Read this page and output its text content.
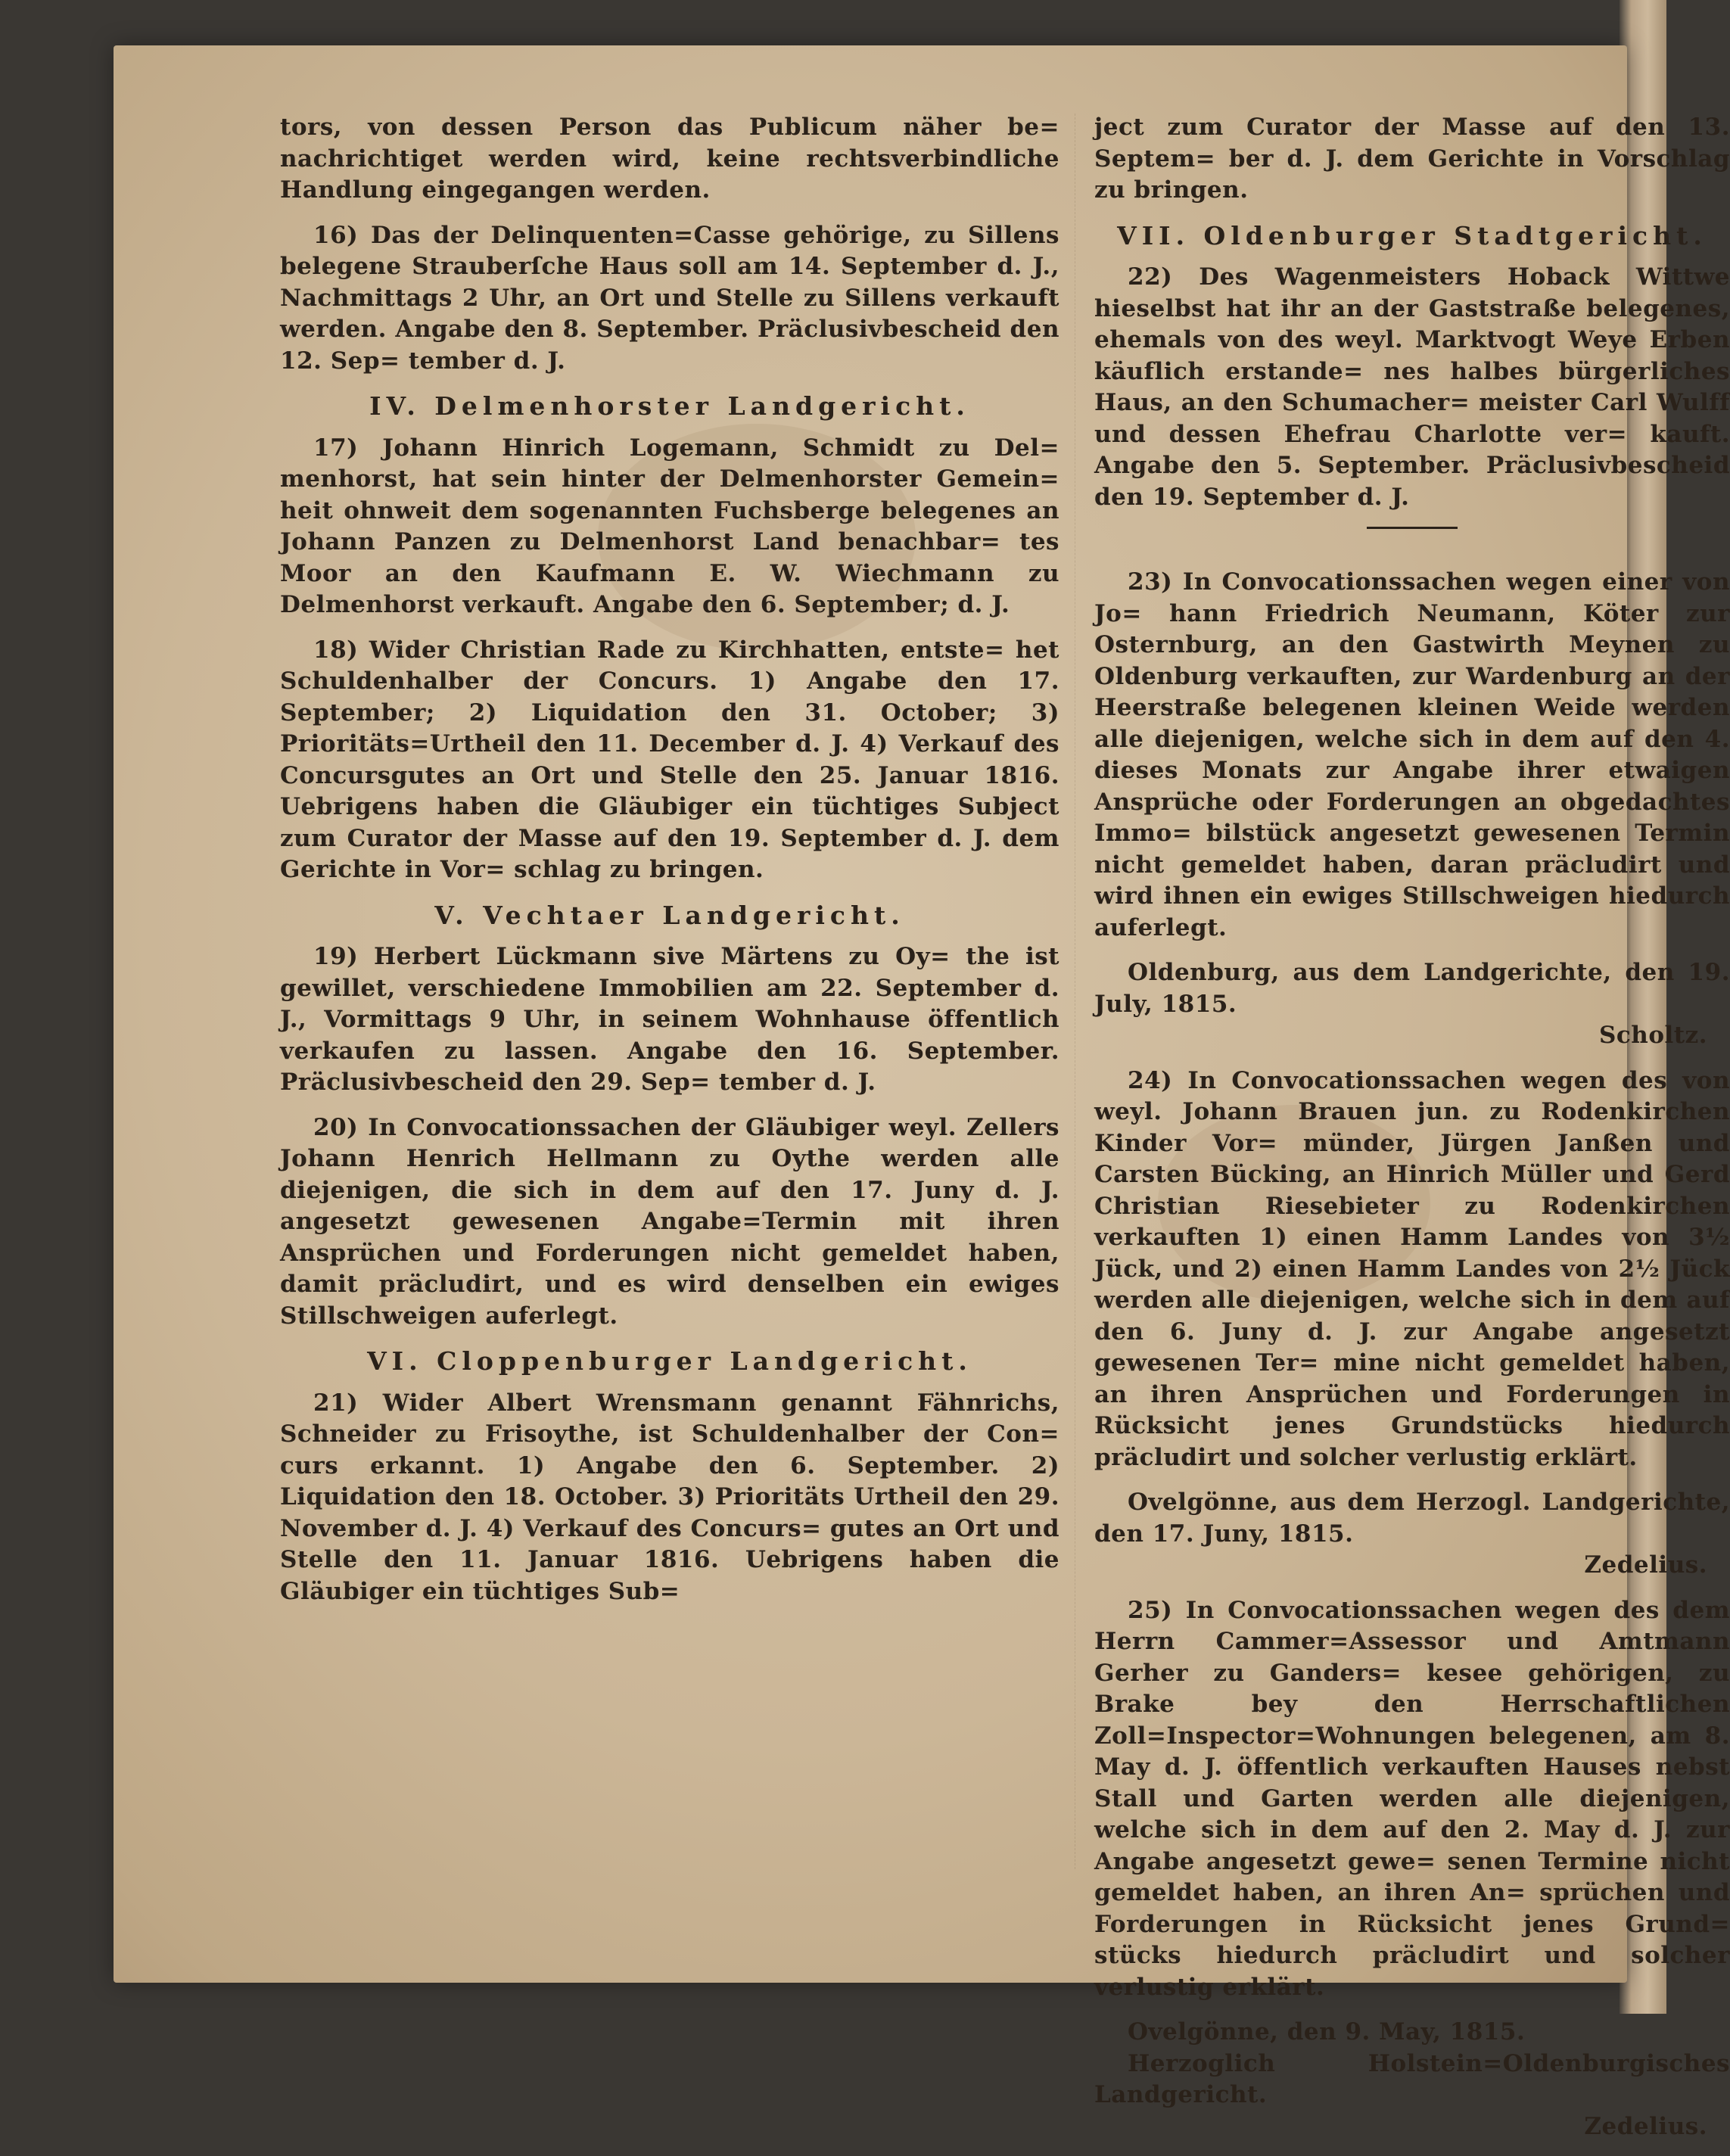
tors, von dessen Person das Publicum näher be= nachrichtiget werden wird, keine rechtsverbindliche Handlung eingegangen werden.

16) Das der Delinquenten=Casse gehörige, zu Sillens belegene Strauberſche Haus soll am 14. September d. J., Nachmittags 2 Uhr, an Ort und Stelle zu Sillens verkauft werden. Angabe den 8. September. Präclusivbescheid den 12. Sep= tember d. J.

IV. Delmenhorster Landgericht.

17) Johann Hinrich Logemann, Schmidt zu Del= menhorst, hat sein hinter der Delmenhorster Gemein= heit ohnweit dem sogenannten Fuchsberge belegenes an Johann Panzen zu Delmenhorst Land benachbar= tes Moor an den Kaufmann E. W. Wiechmann zu Delmenhorst verkauft. Angabe den 6. September; d. J.

18) Wider Christian Rade zu Kirchhatten, entste= het Schuldenhalber der Concurs. 1) Angabe den 17. September; 2) Liquidation den 31. October; 3) Prioritäts=Urtheil den 11. December d. J. 4) Verkauf des Concursgutes an Ort und Stelle den 25. Januar 1816. Uebrigens haben die Gläubiger ein tüchtiges Subject zum Curator der Masse auf den 19. September d. J. dem Gerichte in Vor= schlag zu bringen.

V. Vechtaer Landgericht.

19) Herbert Lückmann sive Märtens zu Oy= the ist gewillet, verschiedene Immobilien am 22. September d. J., Vormittags 9 Uhr, in seinem Wohnhause öffentlich verkaufen zu lassen. Angabe den 16. September. Präclusivbescheid den 29. Sep= tember d. J.

20) In Convocationssachen der Gläubiger weyl. Zellers Johann Henrich Hellmann zu Oythe werden alle diejenigen, die sich in dem auf den 17. Juny d. J. angesetzt gewesenen Angabe=Termin mit ihren Ansprüchen und Forderungen nicht gemeldet haben, damit präcludirt, und es wird denselben ein ewiges Stillschweigen auferlegt.

VI. Cloppenburger Landgericht.

21) Wider Albert Wrensmann genannt Fähnrichs, Schneider zu Frisoythe, ist Schuldenhalber der Con= curs erkannt. 1) Angabe den 6. September. 2) Liquidation den 18. October. 3) Prioritäts Urtheil den 29. November d. J. 4) Verkauf des Concurs= gutes an Ort und Stelle den 11. Januar 1816. Uebrigens haben die Gläubiger ein tüchtiges Sub=

ject zum Curator der Masse auf den 13. Septem= ber d. J. dem Gerichte in Vorschlag zu bringen.

VII. Oldenburger Stadtgericht.

22) Des Wagenmeisters Hoback Wittwe hieselbst hat ihr an der Gaststraße belegenes, ehemals von des weyl. Marktvogt Weye Erben käuflich erstande= nes halbes bürgerliches Haus, an den Schumacher= meister Carl Wulff und dessen Ehefrau Charlotte ver= kauft. Angabe den 5. September. Präclusivbescheid den 19. September d. J.

23) In Convocationssachen wegen einer von Jo= hann Friedrich Neumann, Köter zur Osternburg, an den Gastwirth Meynen zu Oldenburg verkauften, zur Wardenburg an der Heerstraße belegenen kleinen Weide werden alle diejenigen, welche sich in dem auf den 4. dieses Monats zur Angabe ihrer etwaigen Ansprüche oder Forderungen an obgedachtes Immo= bilstück angesetzt gewesenen Termin nicht gemeldet haben, daran präcludirt und wird ihnen ein ewiges Stillschweigen hiedurch auferlegt.

Oldenburg, aus dem Landgerichte, den 19. July, 1815.

Scholtz.

24) In Convocationssachen wegen des von weyl. Johann Brauen jun. zu Rodenkirchen Kinder Vor= münder, Jürgen Janßen und Carsten Bücking, an Hinrich Müller und Gerd Christian Riesebieter zu Rodenkirchen verkauften 1) einen Hamm Landes von 3½ Jück, und 2) einen Hamm Landes von 2½ Jück werden alle diejenigen, welche sich in dem auf den 6. Juny d. J. zur Angabe angesetzt gewesenen Ter= mine nicht gemeldet haben, an ihren Ansprüchen und Forderungen in Rücksicht jenes Grundstücks hiedurch präcludirt und solcher verlustig erklärt.

Ovelgönne, aus dem Herzogl. Landgerichte, den 17. Juny, 1815.

Zedelius.

25) In Convocationssachen wegen des dem Herrn Cammer=Assessor und Amtmann Gerher zu Ganders= kesee gehörigen, zu Brake bey den Herrschaftlichen Zoll=Inspector=Wohnungen belegenen, am 8. May d. J. öffentlich verkauften Hauses nebst Stall und Garten werden alle diejenigen, welche sich in dem auf den 2. May d. J. zur Angabe angesetzt gewe= senen Termine nicht gemeldet haben, an ihren An= sprüchen und Forderungen in Rücksicht jenes Grund= stücks hiedurch präcludirt und solcher verlustig erklärt.

Ovelgönne, den 9. May, 1815.

Herzoglich Holstein=Oldenburgisches Landgericht.

Zedelius.
